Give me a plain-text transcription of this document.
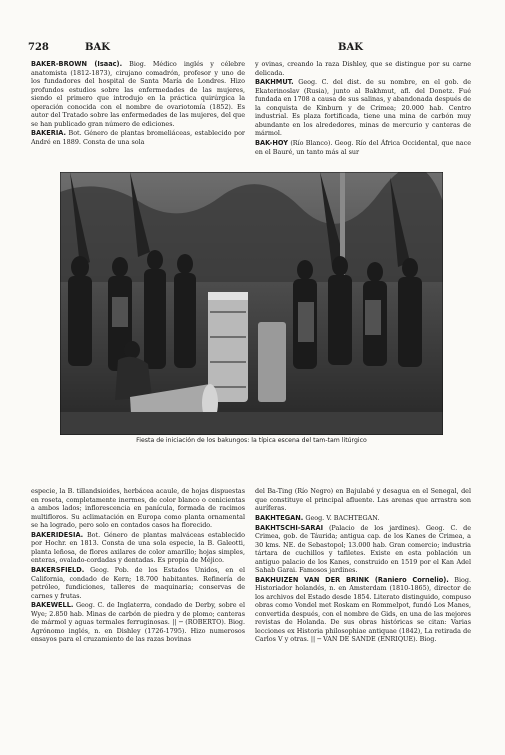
728	BAK	BAK

BAKER-BROWN (Isaac). Biog. Médico inglés y célebre anatomista (1812-1873), cirujano comadrón, profesor y uno de los fundadores del hospital de Santa María de Londres. Hizo profundos estudios sobre las enfermedades de las mujeres, siendo el primero que introdujo en la práctica quirúrgica la operación conocida con el nombre de ovariotomía (1852). Es autor del Tratado sobre las enfermedades de las mujeres, del que se han publicado gran número de ediciones.

BAKERIA. Bot. Género de plantas bromeliáceas, establecido por André en 1889. Consta de una sola

y ovinas, creando la raza Dishley, que se distingue por su carne delicada.

BAKHMUT. Geog. C. del dist. de su nombre, en el gob. de Ekaterinoslav (Rusia), junto al Bakhmut, afl. del Donetz. Fué fundada en 1708 a causa de sus salinas, y abandonada después de la conquista de Kinburn y de Crimea; 20.000 hab. Centro industrial. Es plaza fortificada, tiene una mina de carbón muy abundante en los alrededores, minas de mercurio y canteras de mármol.

BAK-HOY (Río Blanco). Geog. Río del África Occidental, que nace en el Bauré, un tanto más al sur

Fiesta de iniciación de los bakungos: la típica escena del tam-tam litúrgico

especie, la B. tillandsioides, herbácea acaule, de hojas dispuestas en roseta, completamente inermes, de color blanco o cenicientas a ambos lados; inflorescencia en panícula, formada de racimos multifloros. Su aclimatación en Europa como planta ornamental se ha logrado, pero solo en contados casos ha florecido.

BAKERIDESIA. Bot. Género de plantas malváceas establecido por Hochr. en 1813. Consta de una sola especie, la B. Galeotti, planta leñosa, de flores axilares de color amarillo; hojas simples, enteras, ovalado-cordadas y dentadas. Es propia de Méjico.

BAKERSFIELD. Geog. Pob. de los Estados Unidos, en el California, condado de Kern; 18.700 habitantes. Refinería de petróleo, fundiciones, talleres de maquinaria; conservas de carnes y frutas.

BAKEWELL. Geog. C. de Inglaterra, condado de Derby, sobre el Wye; 2.850 hab. Minas de carbón de piedra y de plomo; canteras de mármol y aguas termales ferruginosas. || ─ (ROBERTO). Biog. Agrónomo inglés, n. en Dishley (1726-1795). Hizo numerosos ensayos para el cruzamiento de las razas bovinas

del Ba-Ting (Río Negro) en Bajulabé y desagua en el Senegal, del que constituye el principal afluente. Las arenas que arrastra son auríferas.

BAKHTEGAN. Geog. V. BACHTEGAN.

BAKHTSCHI-SARAI (Palacio de los jardines). Geog. C. de Crimea, gob. de Táurida; antigua cap. de los Kanes de Crimea, a 30 kms. NE. de Sebastopol; 13.000 hab. Gran comercio; industria tártara de cuchillos y tafiletes. Existe en esta población un antiguo palacio de los Kanes, construido en 1519 por el Kan Adel Sahab Garai. Famosos jardines.

BAKHUIZEN VAN DER BRINK (Raniero Cornelio). Biog. Historiador holandés, n. en Amsterdam (1810-1865), director de los archivos del Estado desde 1854. Literato distinguido, compuso obras como Vondel met Roskam en Rommelpot, fundó Los Manes, convertida después, con el nombre de Gids, en una de las mejores revistas de Holanda. De sus obras históricas se citan: Varias lecciones ex Historia philosophiae antiquae (1842), La retirada de Carlos V y otras. || ─ VAN DE SANDE (ENRIQUE). Biog.
